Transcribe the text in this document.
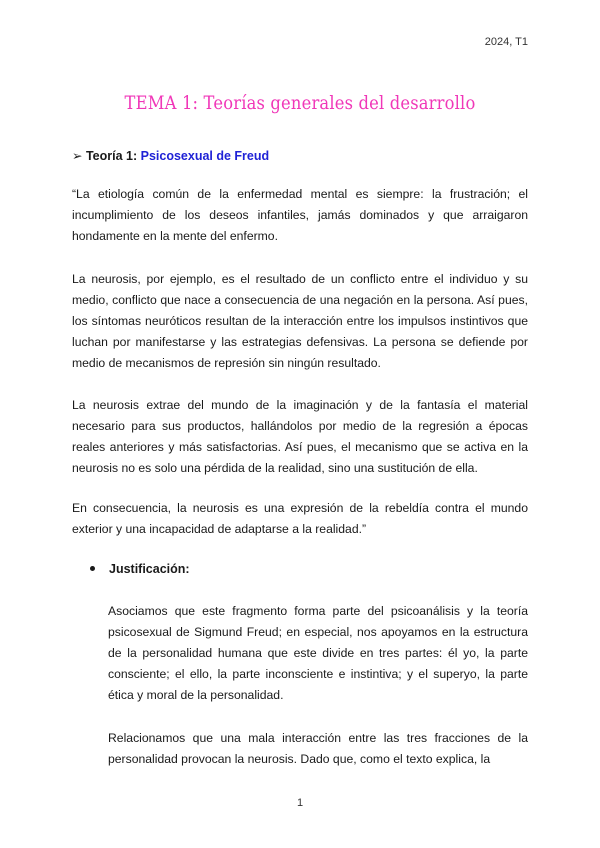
2024, T1
TEMA 1: Teorías generales del desarrollo
➢ Teoría 1: Psicosexual de Freud

“La etiología común de la enfermedad mental es siempre: la frustración; el incumplimiento de los deseos infantiles, jamás dominados y que arraigaron hondamente en la mente del enfermo.

La neurosis, por ejemplo, es el resultado de un conflicto entre el individuo y su medio, conflicto que nace a consecuencia de una negación en la persona. Así pues, los síntomas neuróticos resultan de la interacción entre los impulsos instintivos que luchan por manifestarse y las estrategias defensivas. La persona se defiende por medio de mecanismos de represión sin ningún resultado.

La neurosis extrae del mundo de la imaginación y de la fantasía el material necesario para sus productos, hallándolos por medio de la regresión a épocas reales anteriores y más satisfactorias. Así pues, el mecanismo que se activa en la neurosis no es solo una pérdida de la realidad, sino una sustitución de ella.

En consecuencia, la neurosis es una expresión de la rebeldía contra el mundo exterior y una incapacidad de adaptarse a la realidad.”

Justificación:

Asociamos que este fragmento forma parte del psicoanálisis y la teoría psicosexual de Sigmund Freud; en especial, nos apoyamos en la estructura de la personalidad humana que este divide en tres partes: él yo, la parte consciente; el ello, la parte inconsciente e instintiva; y el superyo, la parte ética y moral de la personalidad.

Relacionamos que una mala interacción entre las tres fracciones de la personalidad provocan la neurosis. Dado que, como el texto explica, la

1
